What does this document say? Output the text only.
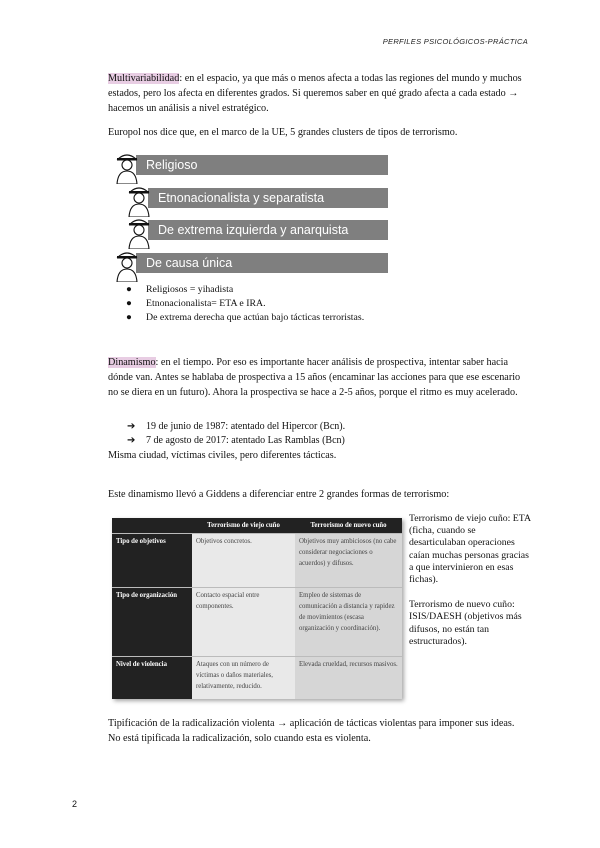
PERFILES PSICOLÓGICOS-PRÁCTICA
Multivariabilidad: en el espacio, ya que más o menos afecta a todas las regiones del mundo y muchos estados, pero los afecta en diferentes grados. Si queremos saber en qué grado afecta a cada estado → hacemos un análisis a nivel estratégico.
Europol nos dice que, en el marco de la UE, 5 grandes clusters de tipos de terrorismo.
Religioso
Etnonacionalista y separatista
De extrema izquierda y anarquista
De causa única
● Religiosos = yihadista
● Etnonacionalista= ETA e IRA.
● De extrema derecha que actúan bajo tácticas terroristas.
Dinamismo: en el tiempo. Por eso es importante hacer análisis de prospectiva, intentar saber hacia dónde van. Antes se hablaba de prospectiva a 15 años (encaminar las acciones para que ese escenario no se diera en un futuro). Ahora la prospectiva se hace a 2-5 años, porque el ritmo es muy acelerado.
➔ 19 de junio de 1987: atentado del Hipercor (Bcn).
➔ 7 de agosto de 2017: atentado Las Ramblas (Bcn)
Misma ciudad, víctimas civiles, pero diferentes tácticas.
Este dinamismo llevó a Giddens a diferenciar entre 2 grandes formas de terrorismo:
	Terrorismo de viejo cuño	Terrorismo de nuevo cuño
Tipo de objetivos	Objetivos concretos.	Objetivos muy ambiciosos (no cabe considerar negociaciones o acuerdos) y difusos.
Tipo de organización	Contacto espacial entre componentes.	Empleo de sistemas de comunicación a distancia y rapidez de movimientos (escasa organización y coordinación).
Nivel de violencia	Ataques con un número de víctimas o daños materiales, relativamente, reducido.	Elevada crueldad, recursos masivos.
Terrorismo de viejo cuño: ETA (ficha, cuando se desarticulaban operaciones caían muchas personas gracias a que intervinieron en esas fichas).
Terrorismo de nuevo cuño: ISIS/DAESH (objetivos más difusos, no están tan estructurados).
Tipificación de la radicalización violenta → aplicación de tácticas violentas para imponer sus ideas. No está tipificada la radicalización, solo cuando esta es violenta.
2
